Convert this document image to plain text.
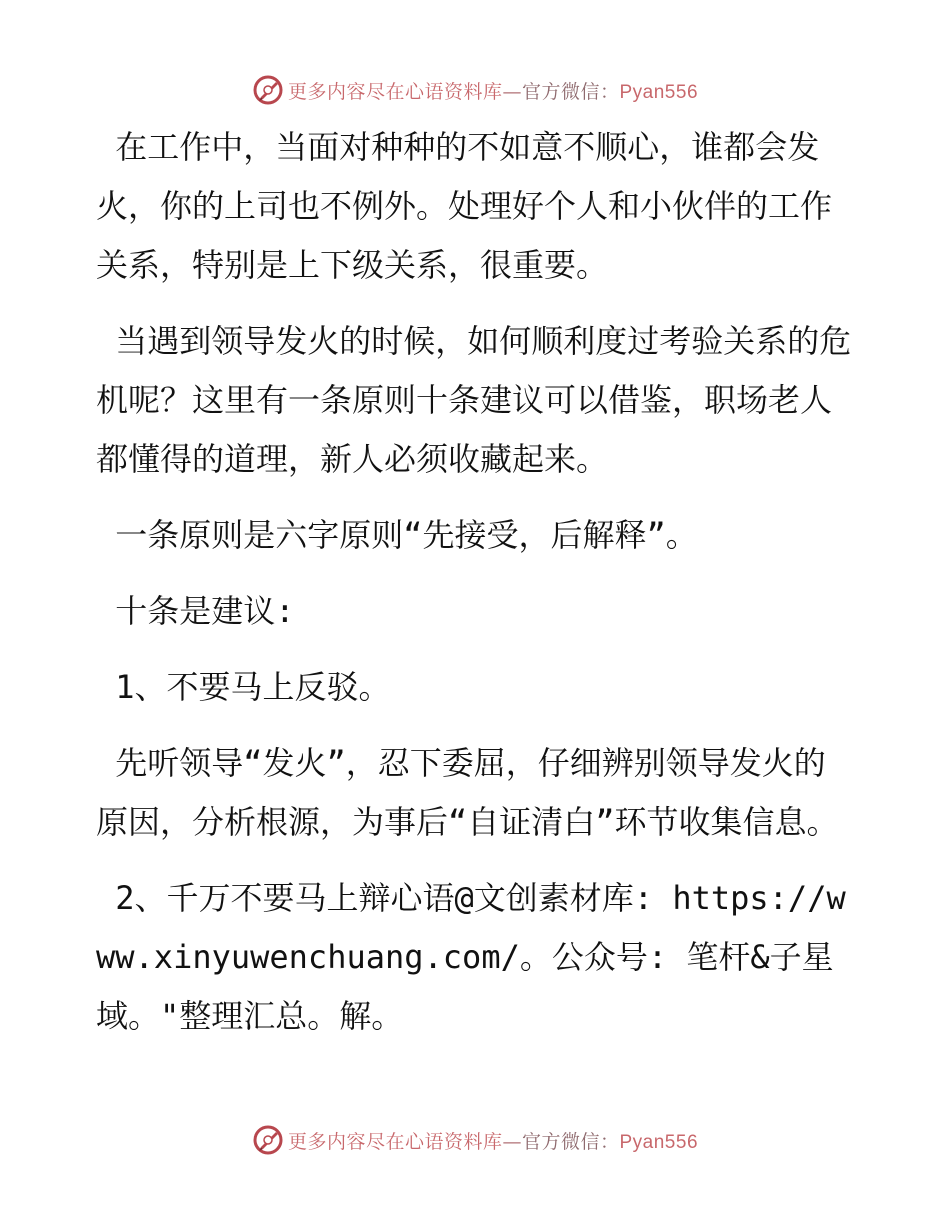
更多内容尽在心语资料库—官方微信：Pyan556

在工作中，当面对种种的不如意不顺心，谁都会发火，你的上司也不例外。处理好个人和小伙伴的工作关系，特别是上下级关系，很重要。

当遇到领导发火的时候，如何顺利度过考验关系的危机呢？这里有一条原则十条建议可以借鉴，职场老人都懂得的道理，新人必须收藏起来。

一条原则是六字原则“先接受，后解释”。

十条是建议:

1、不要马上反驳。

先听领导“发火”，忍下委屈，仔细辨别领导发火的原因，分析根源，为事后“自证清白”环节收集信息。

2、千万不要马上辩心语@文创素材库: https://www.xinyuwenchuang.com/。公众号: 笔杆&子星域。"整理汇总。解。

更多内容尽在心语资料库—官方微信：Pyan556
